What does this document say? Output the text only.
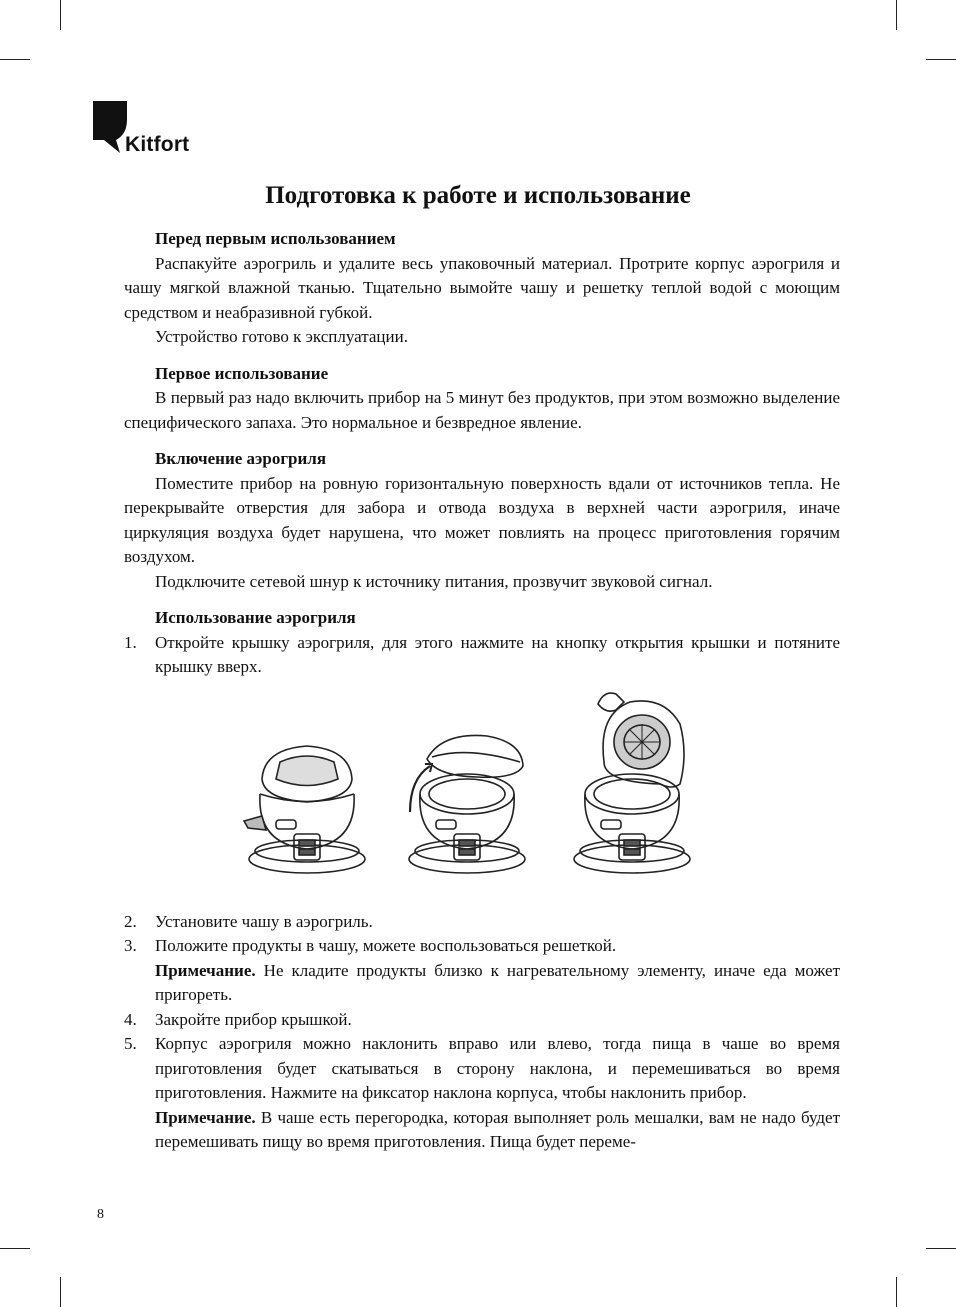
Kitfort
Подготовка к работе и использование

Перед первым использованием

Распакуйте аэрогриль и удалите весь упаковочный материал. Протрите корпус аэрогриля и чашу мягкой влажной тканью. Тщательно вымойте чашу и решетку теплой водой с моющим средством и неабразивной губкой.

Устройство готово к эксплуатации.

Первое использование

В первый раз надо включить прибор на 5 минут без продуктов, при этом возможно выделение специфического запаха. Это нормальное и безвредное явление.

Включение аэрогриля

Поместите прибор на ровную горизонтальную поверхность вдали от источников тепла. Не перекрывайте отверстия для забора и отвода воздуха в верхней части аэрогриля, иначе циркуляция воздуха будет нарушена, что может повлиять на процесс приготовления горячим воздухом.

Подключите сетевой шнур к источнику питания, прозвучит звуковой сигнал.

Использование аэрогриля

1. Откройте крышку аэрогриля, для этого нажмите на кнопку открытия крышки и потяните крышку вверх.
2. Установите чашу в аэрогриль.
3. Положите продукты в чашу, можете воспользоваться решеткой.
Примечание. Не кладите продукты близко к нагревательному элементу, иначе еда может пригореть.
4. Закройте прибор крышкой.
5. Корпус аэрогриля можно наклонить вправо или влево, тогда пища в чаше во время приготовления будет скатываться в сторону наклона, и перемешиваться во время приготовления. Нажмите на фиксатор наклона корпуса, чтобы наклонить прибор.
Примечание. В чаше есть перегородка, которая выполняет роль мешалки, вам не надо будет перемешивать пищу во время приготовления. Пища будет переме-
8
